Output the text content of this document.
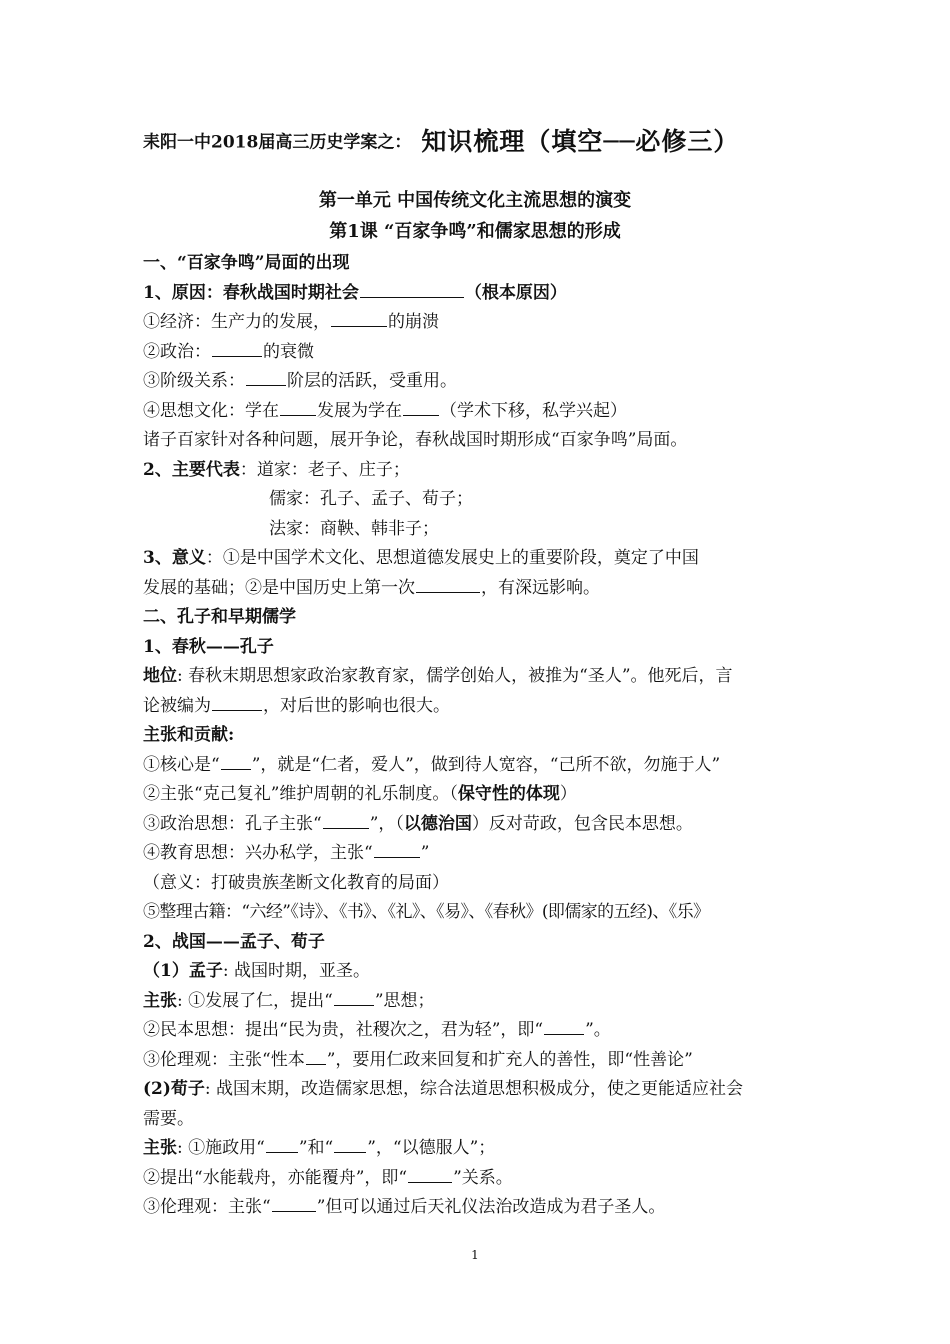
耒阳一中2018届高三历史学案之： 知识梳理（填空──必修三）
第一单元 中国传统文化主流思想的演变
第1课 “百家争鸣”和儒家思想的形成
一、“百家争鸣”局面的出现
1、原因：春秋战国时期社会	（根本原因）
①经济：生产力的发展，	的崩溃
②政治：	的衰微
③阶级关系： 阶层的活跃，受重用。
④思想文化：学在 发展为学在 （学术下移，私学兴起）
诸子百家针对各种问题，展开争论，春秋战国时期形成“百家争鸣”局面。
2、主要代表：道家：老子、庄子；
儒家：孔子、孟子、荀子；
法家：商鞅、韩非子；
3、意义：①是中国学术文化、思想道德发展史上的重要阶段，奠定了中国
发展的基础；②是中国历史上第一次	，有深远影响。
二、孔子和早期儒学
1、春秋——孔子
地位: 春秋末期思想家政治家教育家，儒学创始人，被推为“圣人”。他死后，言
论被编为	，对后世的影响也很大。
主张和贡献:
①核心是“ ”，就是“仁者，爱人”，做到待人宽容，“己所不欲，勿施于人”
②主张“克己复礼”维护周朝的礼乐制度。（保守性的体现）
③政治思想：孔子主张“	”，（以德治国）反对苛政，包含民本思想。
④教育思想：兴办私学，主张“	”
（意义：打破贵族垄断文化教育的局面）
⑤整理古籍：“六经”《诗》、《书》、《礼》、《易》、《春秋》(即儒家的五经)、《乐》
2、战国——孟子、荀子
（1）孟子: 战国时期，亚圣。
主张: ①发展了仁，提出“ ”思想；
②民本思想：提出“民为贵，社稷次之，君为轻”，即“ ”。
③伦理观：主张“性本 ”，要用仁政来回复和扩充人的善性，即“性善论”
(2)荀子: 战国末期，改造儒家思想，综合法道思想积极成分，使之更能适应社会
需要。
主张: ①施政用“ ”和“ ”，“以德服人”；
②提出“水能载舟，亦能覆舟”，即“	”关系。
③伦理观：主张“	”但可以通过后天礼仪法治改造成为君子圣人。
1
